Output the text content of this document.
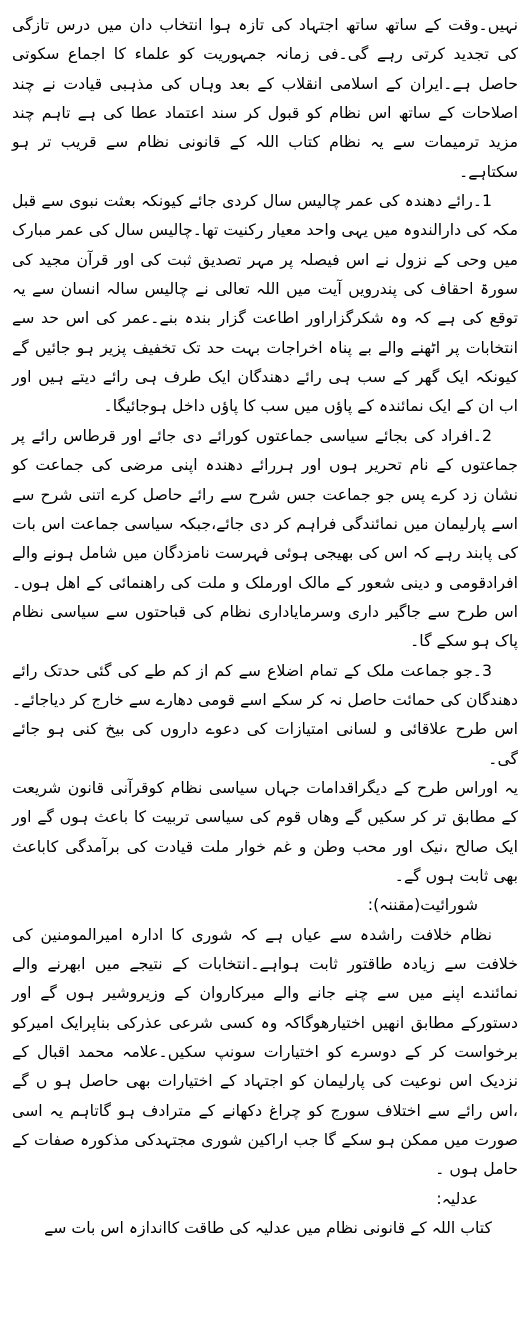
نہیں۔وقت کے ساتھ ساتھ اجتہاد کی تازہ ہوا انتخاب دان میں درس تازگی کی تجدید کرتی رہے گی۔فی زمانہ جمہوریت کو علماء کا اجماع سکوتی حاصل ہے۔ایران کے اسلامی انقلاب کے بعد وہاں کی مذہبی قیادت نے چند اصلاحات کے ساتھ اس نظام کو قبول کر سند اعتماد عطا کی ہے تاہم چند مزید ترمیمات سے یہ نظام کتاب اللہ کے قانونی نظام سے قریب تر ہو سکتاہے۔

1۔رائے دھندہ کی عمر چالیس سال کردی جائے کیونکہ بعثت نبوی سے قبل مکہ کی دارالندوہ میں یہی واحد معیار رکنیت تھا۔چالیس سال کی عمر مبارک میں وحی کے نزول نے اس فیصلہ پر مہر تصدیق ثبت کی اور قرآن مجید کی سورۃ احقاف کی پندرویں آیت میں اللہ تعالی نے چالیس سالہ انسان سے یہ توقع کی ہے کہ وہ شکرگزاراور اطاعت گزار بندہ بنے۔عمر کی اس حد سے انتخابات پر اٹھنے والے بے پناہ اخراجات بہت حد تک تخفیف پزیر ہو جائیں گے کیونکہ ایک گھر کے سب ہی رائے دھندگان ایک طرف ہی رائے دیتے ہیں اور اب ان کے ایک نمائندہ کے پاؤں میں سب کا پاؤں داخل ہوجائیگا۔

2۔افراد کی بجائے سیاسی جماعتوں کورائے دی جائے اور قرطاس رائے پر جماعتوں کے نام تحریر ہوں اور ہررائے دھندہ اپنی مرضی کی جماعت کو نشان زد کرے پس جو جماعت جس شرح سے رائے حاصل کرے اتنی شرح سے اسے پارلیمان میں نمائندگی فراہم کر دی جائے،جبکہ سیاسی جماعت اس بات کی پابند رہے کہ اس کی بھیجی ہوئی فہرست نامزدگان میں شامل ہونے والے افرادقومی و دینی شعور کے مالک اورملک و ملت کی راھنمائی کے اھل ہوں۔اس طرح سے جاگیر داری وسرمایاداری نظام کی قباحتوں سے سیاسی نظام پاک ہو سکے گا۔

3۔جو جماعت ملک کے تمام اضلاع سے کم از کم طے کی گئی حدتک رائے دھندگان کی حمائت حاصل نہ کر سکے اسے قومی دھارے سے خارج کر دیاجائے۔اس طرح علاقائی و لسانی امتیازات کی دعوے داروں کی بیخ کنی ہو جائے گی۔

یہ اوراس طرح کے دیگراقدامات جہاں سیاسی نظام کوقرآنی قانون شریعت کے مطابق تر کر سکیں گے وھاں قوم کی سیاسی تربیت کا باعث ہوں گے اور ایک صالح ،نیک اور محب وطن و غم خوار ملت قیادت کی برآمدگی کاباعث بھی ثابت ہوں گے۔

شورائیت(مقننہ):

نظام خلافت راشدہ سے عیاں ہے کہ شوری کا ادارہ امیرالمومنین کی خلافت سے زیادہ طاقتور ثابت ہواہے۔انتخابات کے نتیجے میں ابھرنے والے نمائندے اپنے میں سے چنے جانے والے میرکاروان کے وزیروشیر ہوں گے اور دستورکے مطابق انھیں اختیارھوگاکہ وہ کسی شرعی عذرکی بناپرایک امیرکو برخواست کر کے دوسرے کو اختیارات سونپ سکیں۔علامہ محمد اقبال کے نزدیک اس نوعیت کی پارلیمان کو اجتہاد کے اختیارات بھی حاصل ہو ں گے ،اس رائے سے اختلاف سورج کو چراغ دکھانے کے مترادف ہو گاتاہم یہ اسی صورت میں ممکن ہو سکے گا جب اراکین شوری مجتہدکی مذکورہ صفات کے حامل ہوں ۔

عدلیہ:

کتاب اللہ کے قانونی نظام میں عدلیہ کی طاقت کااندازہ اس بات سے
